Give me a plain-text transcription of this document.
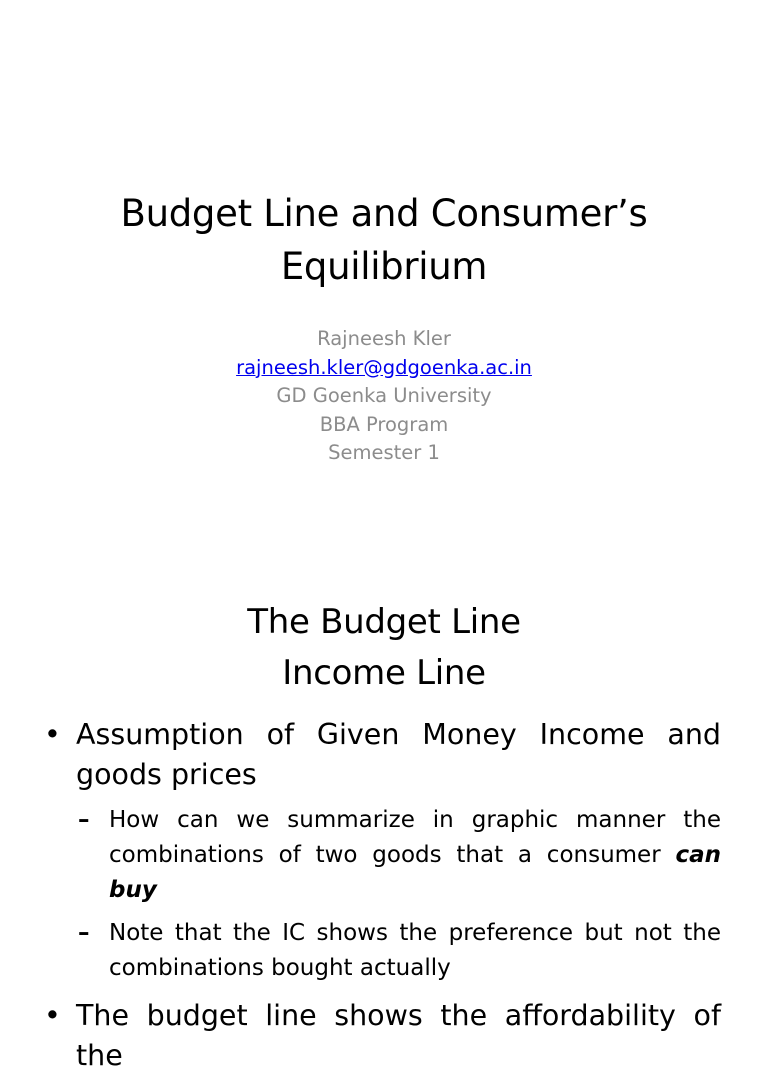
Budget Line and Consumer’s
Equilibrium
Rajneesh Kler
rajneesh.kler@gdgoenka.ac.in
GD Goenka University
BBA Program
Semester 1
The Budget Line
Income Line
• Assumption of Given Money Income and goods prices
– How can we summarize in graphic manner the combinations of two goods that a consumer can buy
– Note that the IC shows the preference but not the combinations bought actually
• The budget line shows the affordability of the
